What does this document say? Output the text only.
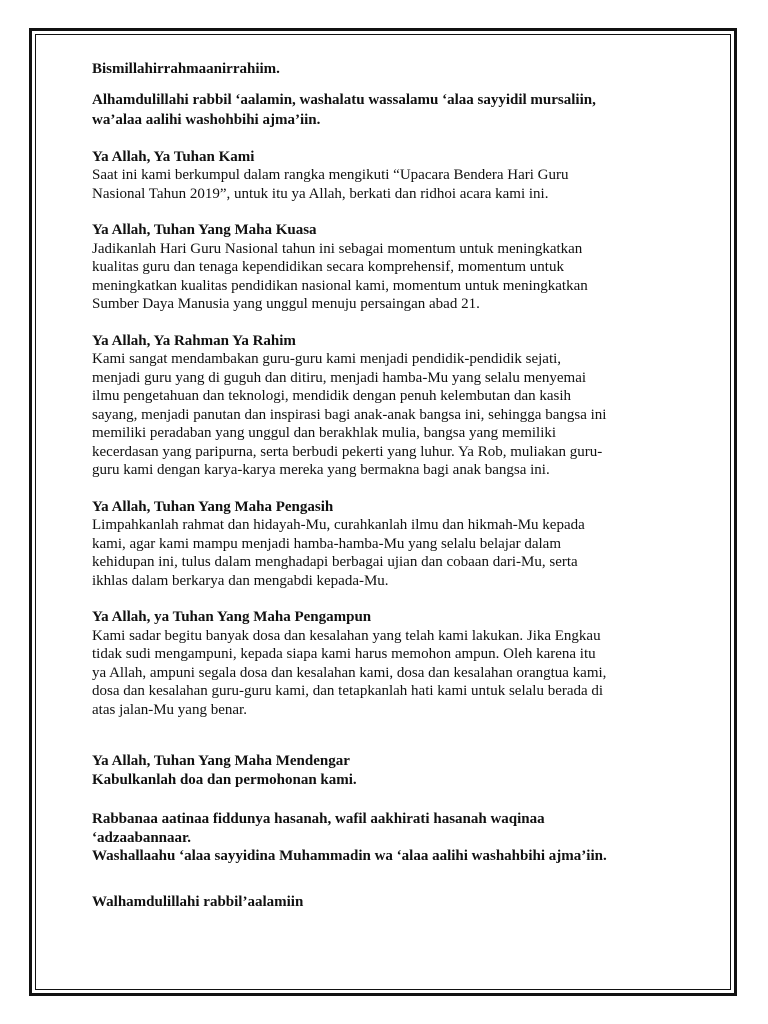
Bismillahirrahmaanirrahiim.

Alhamdulillahi rabbil ‘aalamin, washalatu wassalamu ‘alaa sayyidil mursaliin,

wa’alaa aalihi washohbihi ajma’iin.

Ya Allah, Ya Tuhan Kami

Saat ini kami berkumpul dalam rangka mengikuti “Upacara Bendera Hari Guru

Nasional Tahun 2019”, untuk itu ya Allah, berkati dan ridhoi acara kami ini.

Ya Allah, Tuhan Yang Maha Kuasa

Jadikanlah Hari Guru Nasional tahun ini sebagai momentum untuk meningkatkan

kualitas guru dan tenaga kependidikan secara komprehensif, momentum untuk

meningkatkan kualitas pendidikan nasional kami, momentum untuk meningkatkan

Sumber Daya Manusia yang unggul menuju persaingan abad 21.

Ya Allah, Ya Rahman Ya Rahim

Kami sangat mendambakan guru-guru kami menjadi pendidik-pendidik sejati,

menjadi guru yang di guguh dan ditiru, menjadi hamba-Mu yang selalu menyemai

ilmu pengetahuan dan teknologi, mendidik dengan penuh kelembutan dan kasih

sayang, menjadi panutan dan inspirasi bagi anak-anak bangsa ini, sehingga bangsa ini

memiliki peradaban yang unggul dan berakhlak mulia, bangsa yang memiliki

kecerdasan yang paripurna, serta berbudi pekerti yang luhur. Ya Rob, muliakan guru-

guru kami dengan karya-karya mereka yang bermakna bagi anak bangsa ini.

Ya Allah, Tuhan Yang Maha Pengasih

Limpahkanlah rahmat dan hidayah-Mu, curahkanlah ilmu dan hikmah-Mu kepada

kami, agar kami mampu menjadi hamba-hamba-Mu yang selalu belajar dalam

kehidupan ini, tulus dalam menghadapi berbagai ujian dan cobaan dari-Mu, serta

ikhlas dalam berkarya dan mengabdi kepada-Mu.

Ya Allah, ya Tuhan Yang Maha Pengampun

Kami sadar begitu banyak dosa dan kesalahan yang telah kami lakukan. Jika Engkau

tidak sudi mengampuni, kepada siapa kami harus memohon ampun. Oleh karena itu

ya Allah, ampuni segala dosa dan kesalahan kami, dosa dan kesalahan orangtua kami,

dosa dan kesalahan guru-guru kami, dan tetapkanlah hati kami untuk selalu berada di

atas jalan-Mu yang benar.

Ya Allah, Tuhan Yang Maha Mendengar

Kabulkanlah doa dan permohonan kami.

Rabbanaa aatinaa fiddunya hasanah, wafil aakhirati hasanah waqinaa

‘adzaabannaar.

Washallaahu ‘alaa sayyidina Muhammadin wa ‘alaa aalihi washahbihi ajma’iin.

Walhamdulillahi rabbil’aalamiin
